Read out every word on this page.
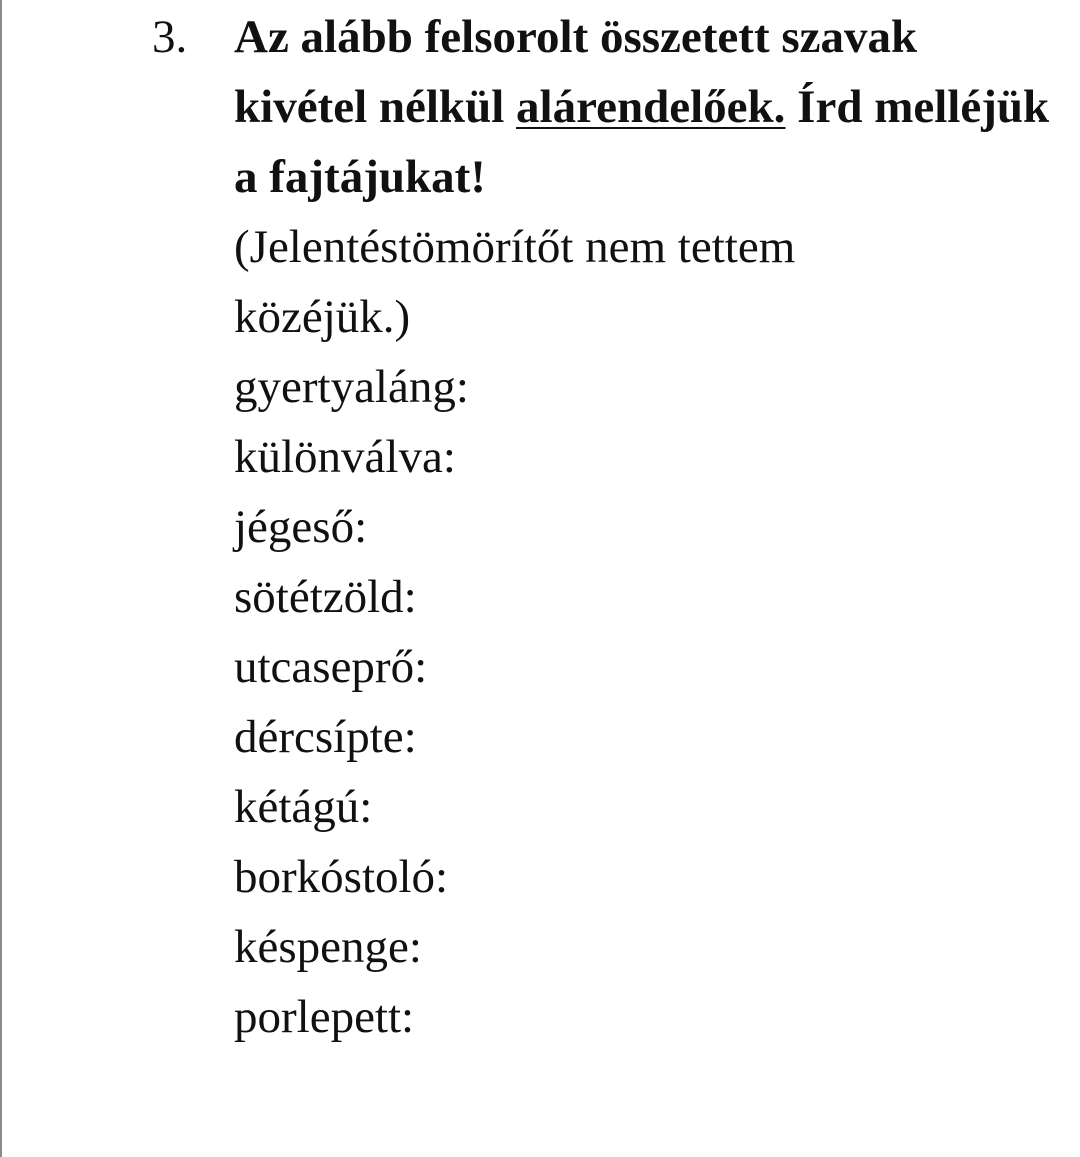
3. Az alább felsorolt összetett szavak kivétel nélkül alárendelőek. Írd melléjük a fajtájukat!

(Jelentéstömörítőt nem tettem közéjük.)

gyertyaláng:
különválva:
jégeső:
sötétzöld:
utcaseprő:
dércsípte:
kétágú:
borkóstoló:
késpenge:
porlepett:
